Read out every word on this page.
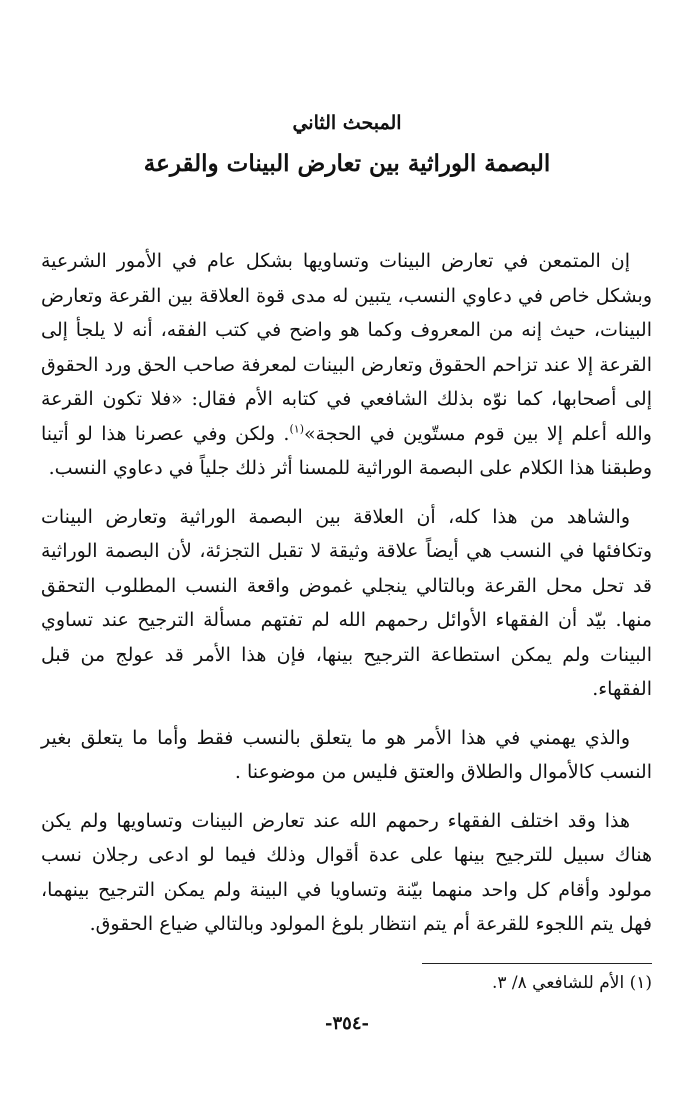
المبحث الثاني
البصمة الوراثية بين تعارض البينات والقرعة

إن المتمعن في تعارض البينات وتساويها بشكل عام في الأمور الشرعية وبشكل خاص في دعاوي النسب، يتبين له مدى قوة العلاقة بين القرعة وتعارض البينات، حيث إنه من المعروف وكما هو واضح في كتب الفقه، أنه لا يلجأ إلى القرعة إلا عند تزاحم الحقوق وتعارض البينات لمعرفة صاحب الحق ورد الحقوق إلى أصحابها، كما نوّه بذلك الشافعي في كتابه الأم فقال: «فلا تكون القرعة والله أعلم إلا بين قوم مستّوين في الحجة»$^{(١)}$. ولكن وفي عصرنا هذا لو أتينا وطبقنا هذا الكلام على البصمة الوراثية للمسنا أثر ذلك جلياً في دعاوي النسب.

والشاهد من هذا كله، أن العلاقة بين البصمة الوراثية وتعارض البينات وتكافئها في النسب هي أيضاً علاقة وثيقة لا تقبل التجزئة، لأن البصمة الوراثية قد تحل محل القرعة وبالتالي ينجلي غموض واقعة النسب المطلوب التحقق منها. بيّد أن الفقهاء الأوائل رحمهم الله لم تفتهم مسألة الترجيح عند تساوي البينات ولم يمكن استطاعة الترجيح بينها، فإن هذا الأمر قد عولج من قبل الفقهاء.

والذي يهمني في هذا الأمر هو ما يتعلق بالنسب فقط وأما ما يتعلق بغير النسب كالأموال والطلاق والعتق فليس من موضوعنا .

هذا وقد اختلف الفقهاء رحمهم الله عند تعارض البينات وتساويها ولم يكن هناك سبيل للترجيح بينها على عدة أقوال وذلك فيما لو ادعى رجلان نسب مولود وأقام كل واحد منهما بيّنة وتساويا في البينة ولم يمكن الترجيح بينهما، فهل يتم اللجوء للقرعة أم يتم انتظار بلوغ المولود وبالتالي ضياع الحقوق.

(١) الأم للشافعي ٨/ ٣.
-٣٥٤-
